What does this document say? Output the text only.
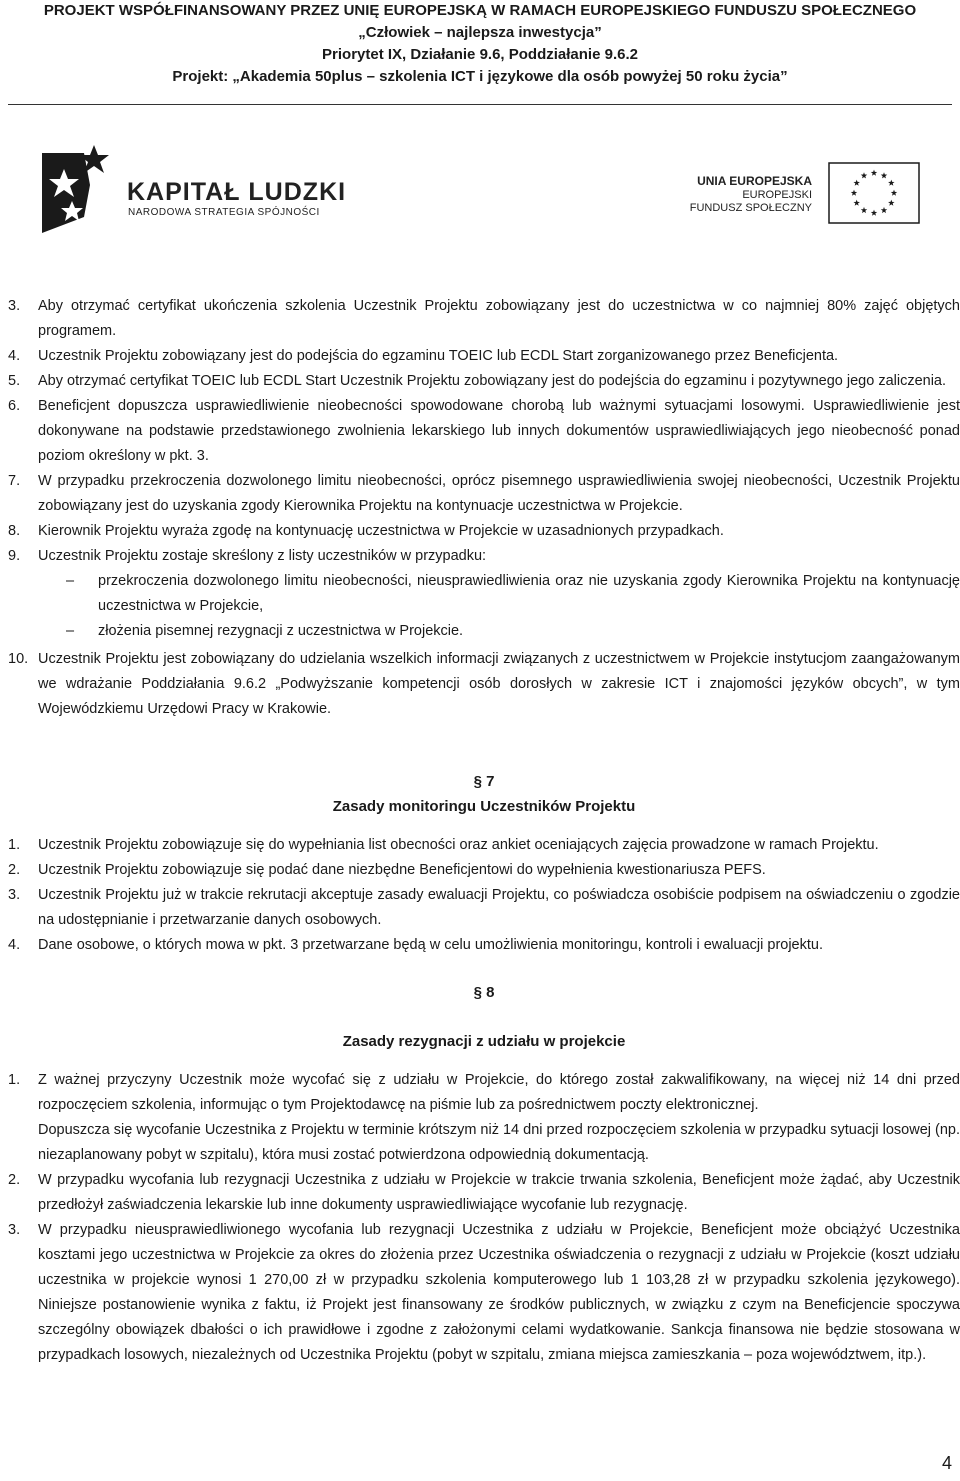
PROJEKT WSPÓŁFINANSOWANY PRZEZ UNIĘ EUROPEJSKĄ W RAMACH EUROPEJSKIEGO FUNDUSZU SPOŁECZNEGO
„Człowiek – najlepsza inwestycja”
Priorytet IX, Działanie 9.6, Poddziałanie 9.6.2
Projekt: „Akademia 50plus – szkolenia ICT i językowe dla osób powyżej 50 roku życia”
KAPITAŁ LUDZKI
NARODOWA STRATEGIA SPÓJNOŚCI
UNIA EUROPEJSKA
EUROPEJSKI
FUNDUSZ SPOŁECZNY
3. Aby otrzymać certyfikat ukończenia szkolenia Uczestnik Projektu zobowiązany jest do uczestnictwa w co najmniej 80% zajęć objętych programem.
4. Uczestnik Projektu zobowiązany jest do podejścia do egzaminu TOEIC lub ECDL Start zorganizowanego przez Beneficjenta.
5. Aby otrzymać certyfikat TOEIC lub ECDL Start Uczestnik Projektu zobowiązany jest do podejścia do egzaminu i pozytywnego jego zaliczenia.
6. Beneficjent dopuszcza usprawiedliwienie nieobecności spowodowane chorobą lub ważnymi sytuacjami losowymi. Usprawiedliwienie jest dokonywane na podstawie przedstawionego zwolnienia lekarskiego lub innych dokumentów usprawiedliwiających jego nieobecność ponad poziom określony w pkt. 3.
7. W przypadku przekroczenia dozwolonego limitu nieobecności, oprócz pisemnego usprawiedliwienia swojej nieobecności, Uczestnik Projektu zobowiązany jest do uzyskania zgody Kierownika Projektu na kontynuacje uczestnictwa w Projekcie.
8. Kierownik Projektu wyraża zgodę na kontynuację uczestnictwa w Projekcie w uzasadnionych przypadkach.
9. Uczestnik Projektu zostaje skreślony z listy uczestników w przypadku:
– przekroczenia dozwolonego limitu nieobecności, nieusprawiedliwienia oraz nie uzyskania zgody Kierownika Projektu na kontynuację uczestnictwa w Projekcie,
– złożenia pisemnej rezygnacji z uczestnictwa w Projekcie.
10. Uczestnik Projektu jest zobowiązany do udzielania wszelkich informacji związanych z uczestnictwem w Projekcie instytucjom zaangażowanym we wdrażanie Poddziałania 9.6.2 „Podwyższanie kompetencji osób dorosłych w zakresie ICT i znajomości języków obcych”, w tym Wojewódzkiemu Urzędowi Pracy w Krakowie.
§ 7
Zasady monitoringu Uczestników Projektu
1. Uczestnik Projektu zobowiązuje się do wypełniania list obecności oraz ankiet oceniających zajęcia prowadzone w ramach Projektu.
2. Uczestnik Projektu zobowiązuje się podać dane niezbędne Beneficjentowi do wypełnienia kwestionariusza PEFS.
3. Uczestnik Projektu już w trakcie rekrutacji akceptuje zasady ewaluacji Projektu, co poświadcza osobiście podpisem na oświadczeniu o zgodzie na udostępnianie i przetwarzanie danych osobowych.
4. Dane osobowe, o których mowa w pkt. 3 przetwarzane będą w celu umożliwienia monitoringu, kontroli i ewaluacji projektu.
§ 8
Zasady rezygnacji z udziału w projekcie
1. Z ważnej przyczyny Uczestnik może wycofać się z udziału w Projekcie, do którego został zakwalifikowany, na więcej niż 14 dni przed rozpoczęciem szkolenia, informując o tym Projektodawcę na piśmie lub za pośrednictwem poczty elektronicznej.
Dopuszcza się wycofanie Uczestnika z Projektu w terminie krótszym niż 14 dni przed rozpoczęciem szkolenia w przypadku sytuacji losowej (np. niezaplanowany pobyt w szpitalu), która musi zostać potwierdzona odpowiednią dokumentacją.
2. W przypadku wycofania lub rezygnacji Uczestnika z udziału w Projekcie w trakcie trwania szkolenia, Beneficjent może żądać, aby Uczestnik przedłożył zaświadczenia lekarskie lub inne dokumenty usprawiedliwiające wycofanie lub rezygnację.
3. W przypadku nieusprawiedliwionego wycofania lub rezygnacji Uczestnika z udziału w Projekcie, Beneficjent może obciążyć Uczestnika kosztami jego uczestnictwa w Projekcie za okres do złożenia przez Uczestnika oświadczenia o rezygnacji z udziału w Projekcie (koszt udziału uczestnika w projekcie wynosi 1 270,00 zł w przypadku szkolenia komputerowego lub 1 103,28 zł w przypadku szkolenia językowego). Niniejsze postanowienie wynika z faktu, iż Projekt jest finansowany ze środków publicznych, w związku z czym na Beneficjencie spoczywa szczególny obowiązek dbałości o ich prawidłowe i zgodne z założonymi celami wydatkowanie. Sankcja finansowa nie będzie stosowana w przypadkach losowych, niezależnych od Uczestnika Projektu (pobyt w szpitalu, zmiana miejsca zamieszkania – poza województwem, itp.).
4
